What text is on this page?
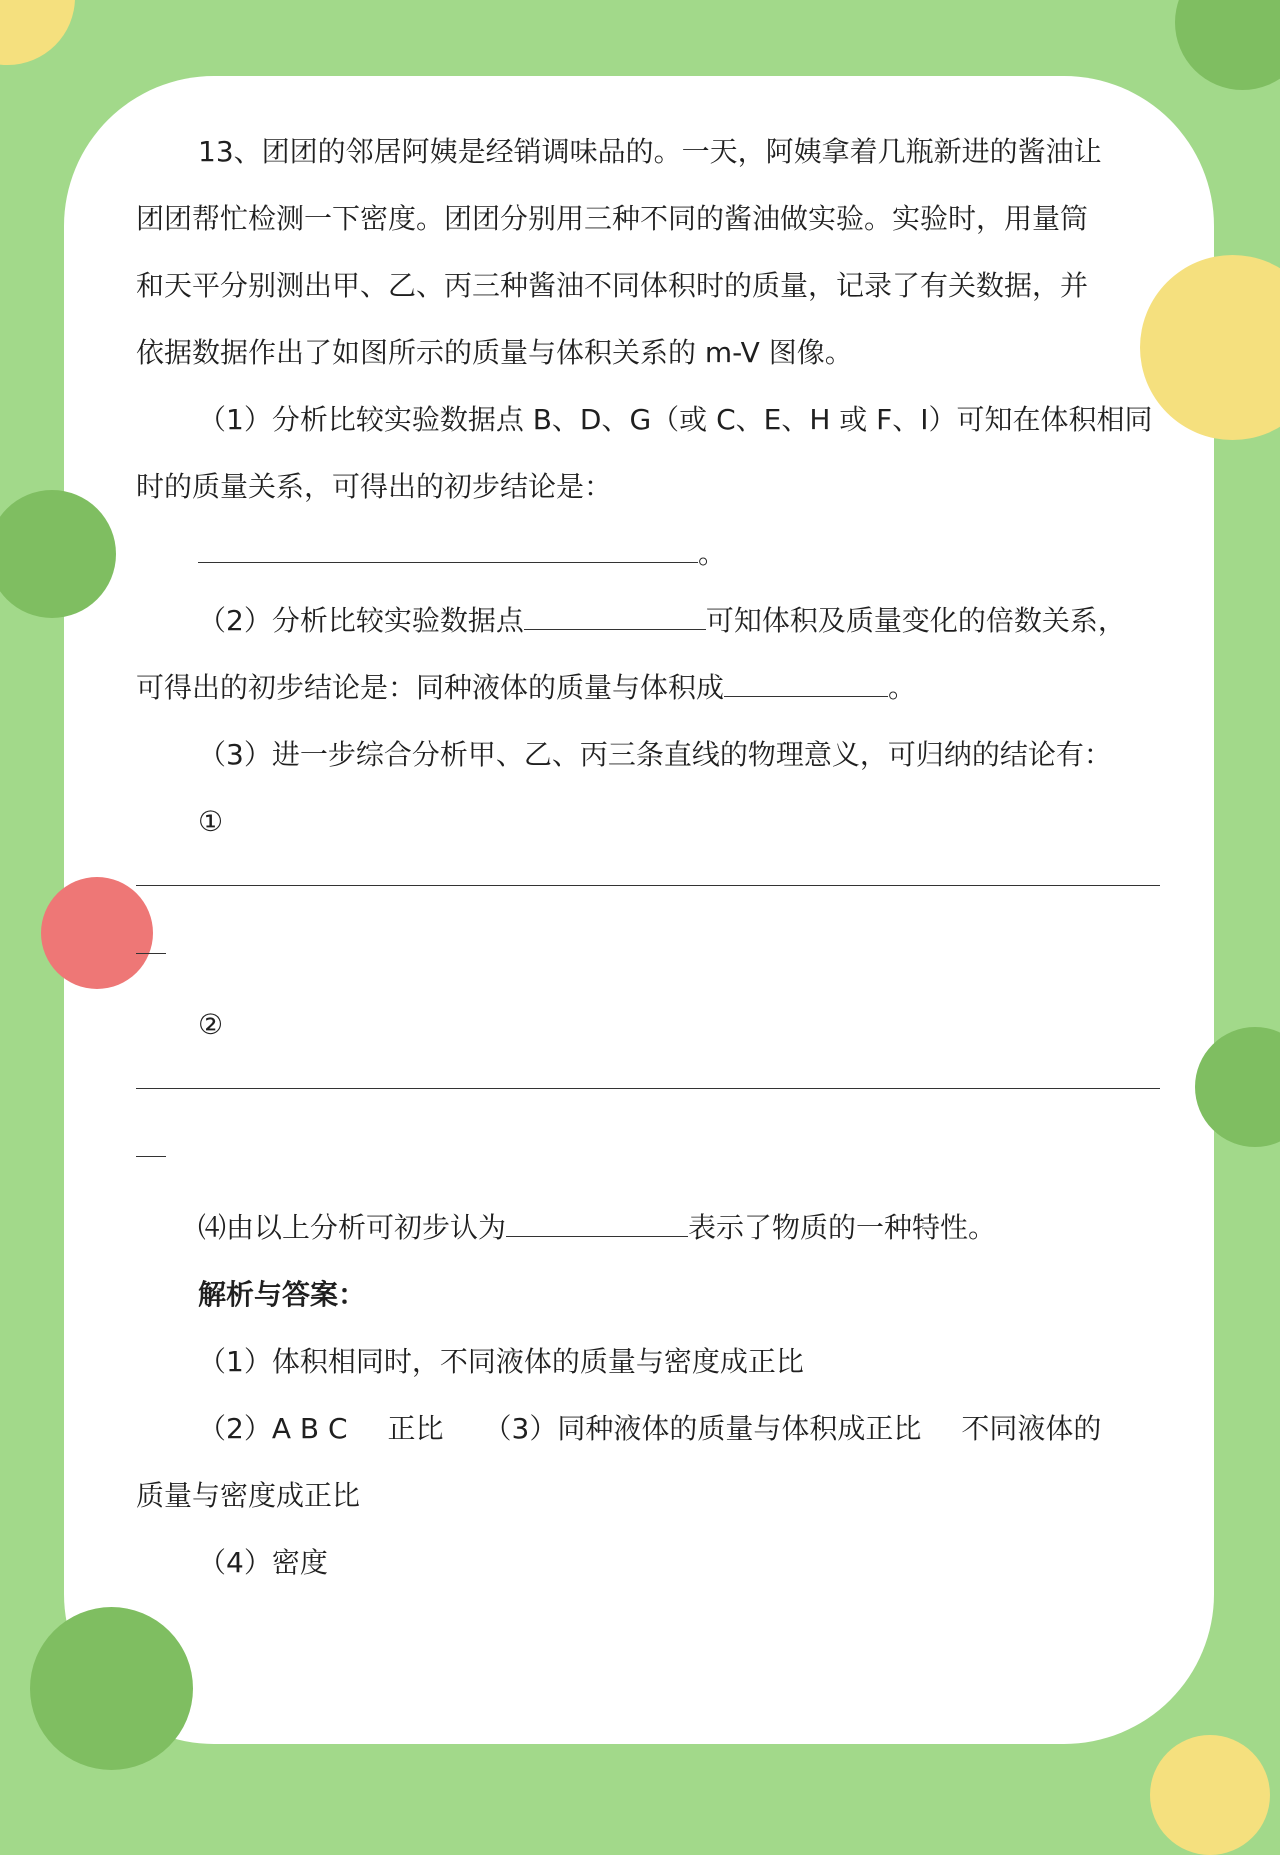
13、团团的邻居阿姨是经销调味品的。一天，阿姨拿着几瓶新进的酱油让

团团帮忙检测一下密度。团团分别用三种不同的酱油做实验。实验时，用量筒

和天平分别测出甲、乙、丙三种酱油不同体积时的质量，记录了有关数据，并

依据数据作出了如图所示的质量与体积关系的 m-V 图像。

（1）分析比较实验数据点 B、D、G（或 C、E、H 或 F、I）可知在体积相同

时的质量关系，可得出的初步结论是：

。

（2）分析比较实验数据点	可知体积及质量变化的倍数关系，

可得出的初步结论是：同种液体的质量与体积成	。

（3）进一步综合分析甲、乙、丙三条直线的物理意义，可归纳的结论有：

①

②

⑷由以上分析可初步认为	表示了物质的一种特性。

解析与答案：

（1）体积相同时，不同液体的质量与密度成正比

（2）A B C 正比 （3）同种液体的质量与体积成正比 不同液体的

质量与密度成正比

（4）密度
